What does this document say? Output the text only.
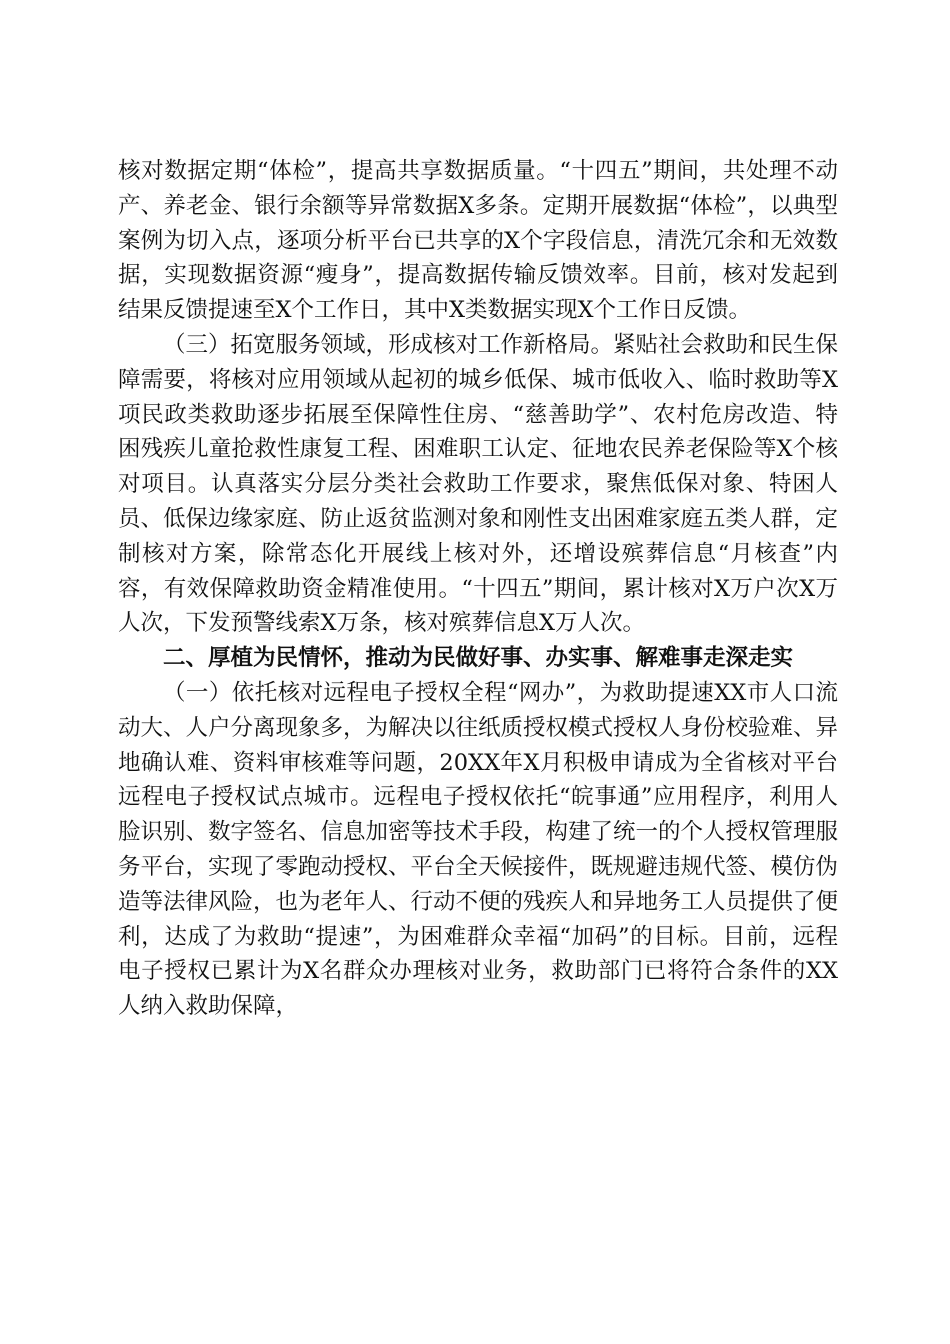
核对数据定期“体检”，提高共享数据质量。“十四五”期间，共处理不动产、养老金、银行余额等异常数据X多条。定期开展数据“体检”，以典型案例为切入点，逐项分析平台已共享的X个字段信息，清洗冗余和无效数据，实现数据资源“瘦身”，提高数据传输反馈效率。目前，核对发起到结果反馈提速至X个工作日，其中X类数据实现X个工作日反馈。

（三）拓宽服务领域，形成核对工作新格局。紧贴社会救助和民生保障需要，将核对应用领域从起初的城乡低保、城市低收入、临时救助等X项民政类救助逐步拓展至保障性住房、“慈善助学”、农村危房改造、特困残疾儿童抢救性康复工程、困难职工认定、征地农民养老保险等X个核对项目。认真落实分层分类社会救助工作要求，聚焦低保对象、特困人员、低保边缘家庭、防止返贫监测对象和刚性支出困难家庭五类人群，定制核对方案，除常态化开展线上核对外，还增设殡葬信息“月核查”内容，有效保障救助资金精准使用。“十四五”期间，累计核对X万户次X万人次，下发预警线索X万条，核对殡葬信息X万人次。

二、厚植为民情怀，推动为民做好事、办实事、解难事走深走实

（一）依托核对远程电子授权全程“网办”，为救助提速XX市人口流动大、人户分离现象多，为解决以往纸质授权模式授权人身份校验难、异地确认难、资料审核难等问题，20XX年X月积极申请成为全省核对平台远程电子授权试点城市。远程电子授权依托“皖事通”应用程序，利用人脸识别、数字签名、信息加密等技术手段，构建了统一的个人授权管理服务平台，实现了零跑动授权、平台全天候接件，既规避违规代签、模仿伪造等法律风险，也为老年人、行动不便的残疾人和异地务工人员提供了便利，达成了为救助“提速”，为困难群众幸福“加码”的目标。目前，远程电子授权已累计为X名群众办理核对业务，救助部门已将符合条件的XX人纳入救助保障，
